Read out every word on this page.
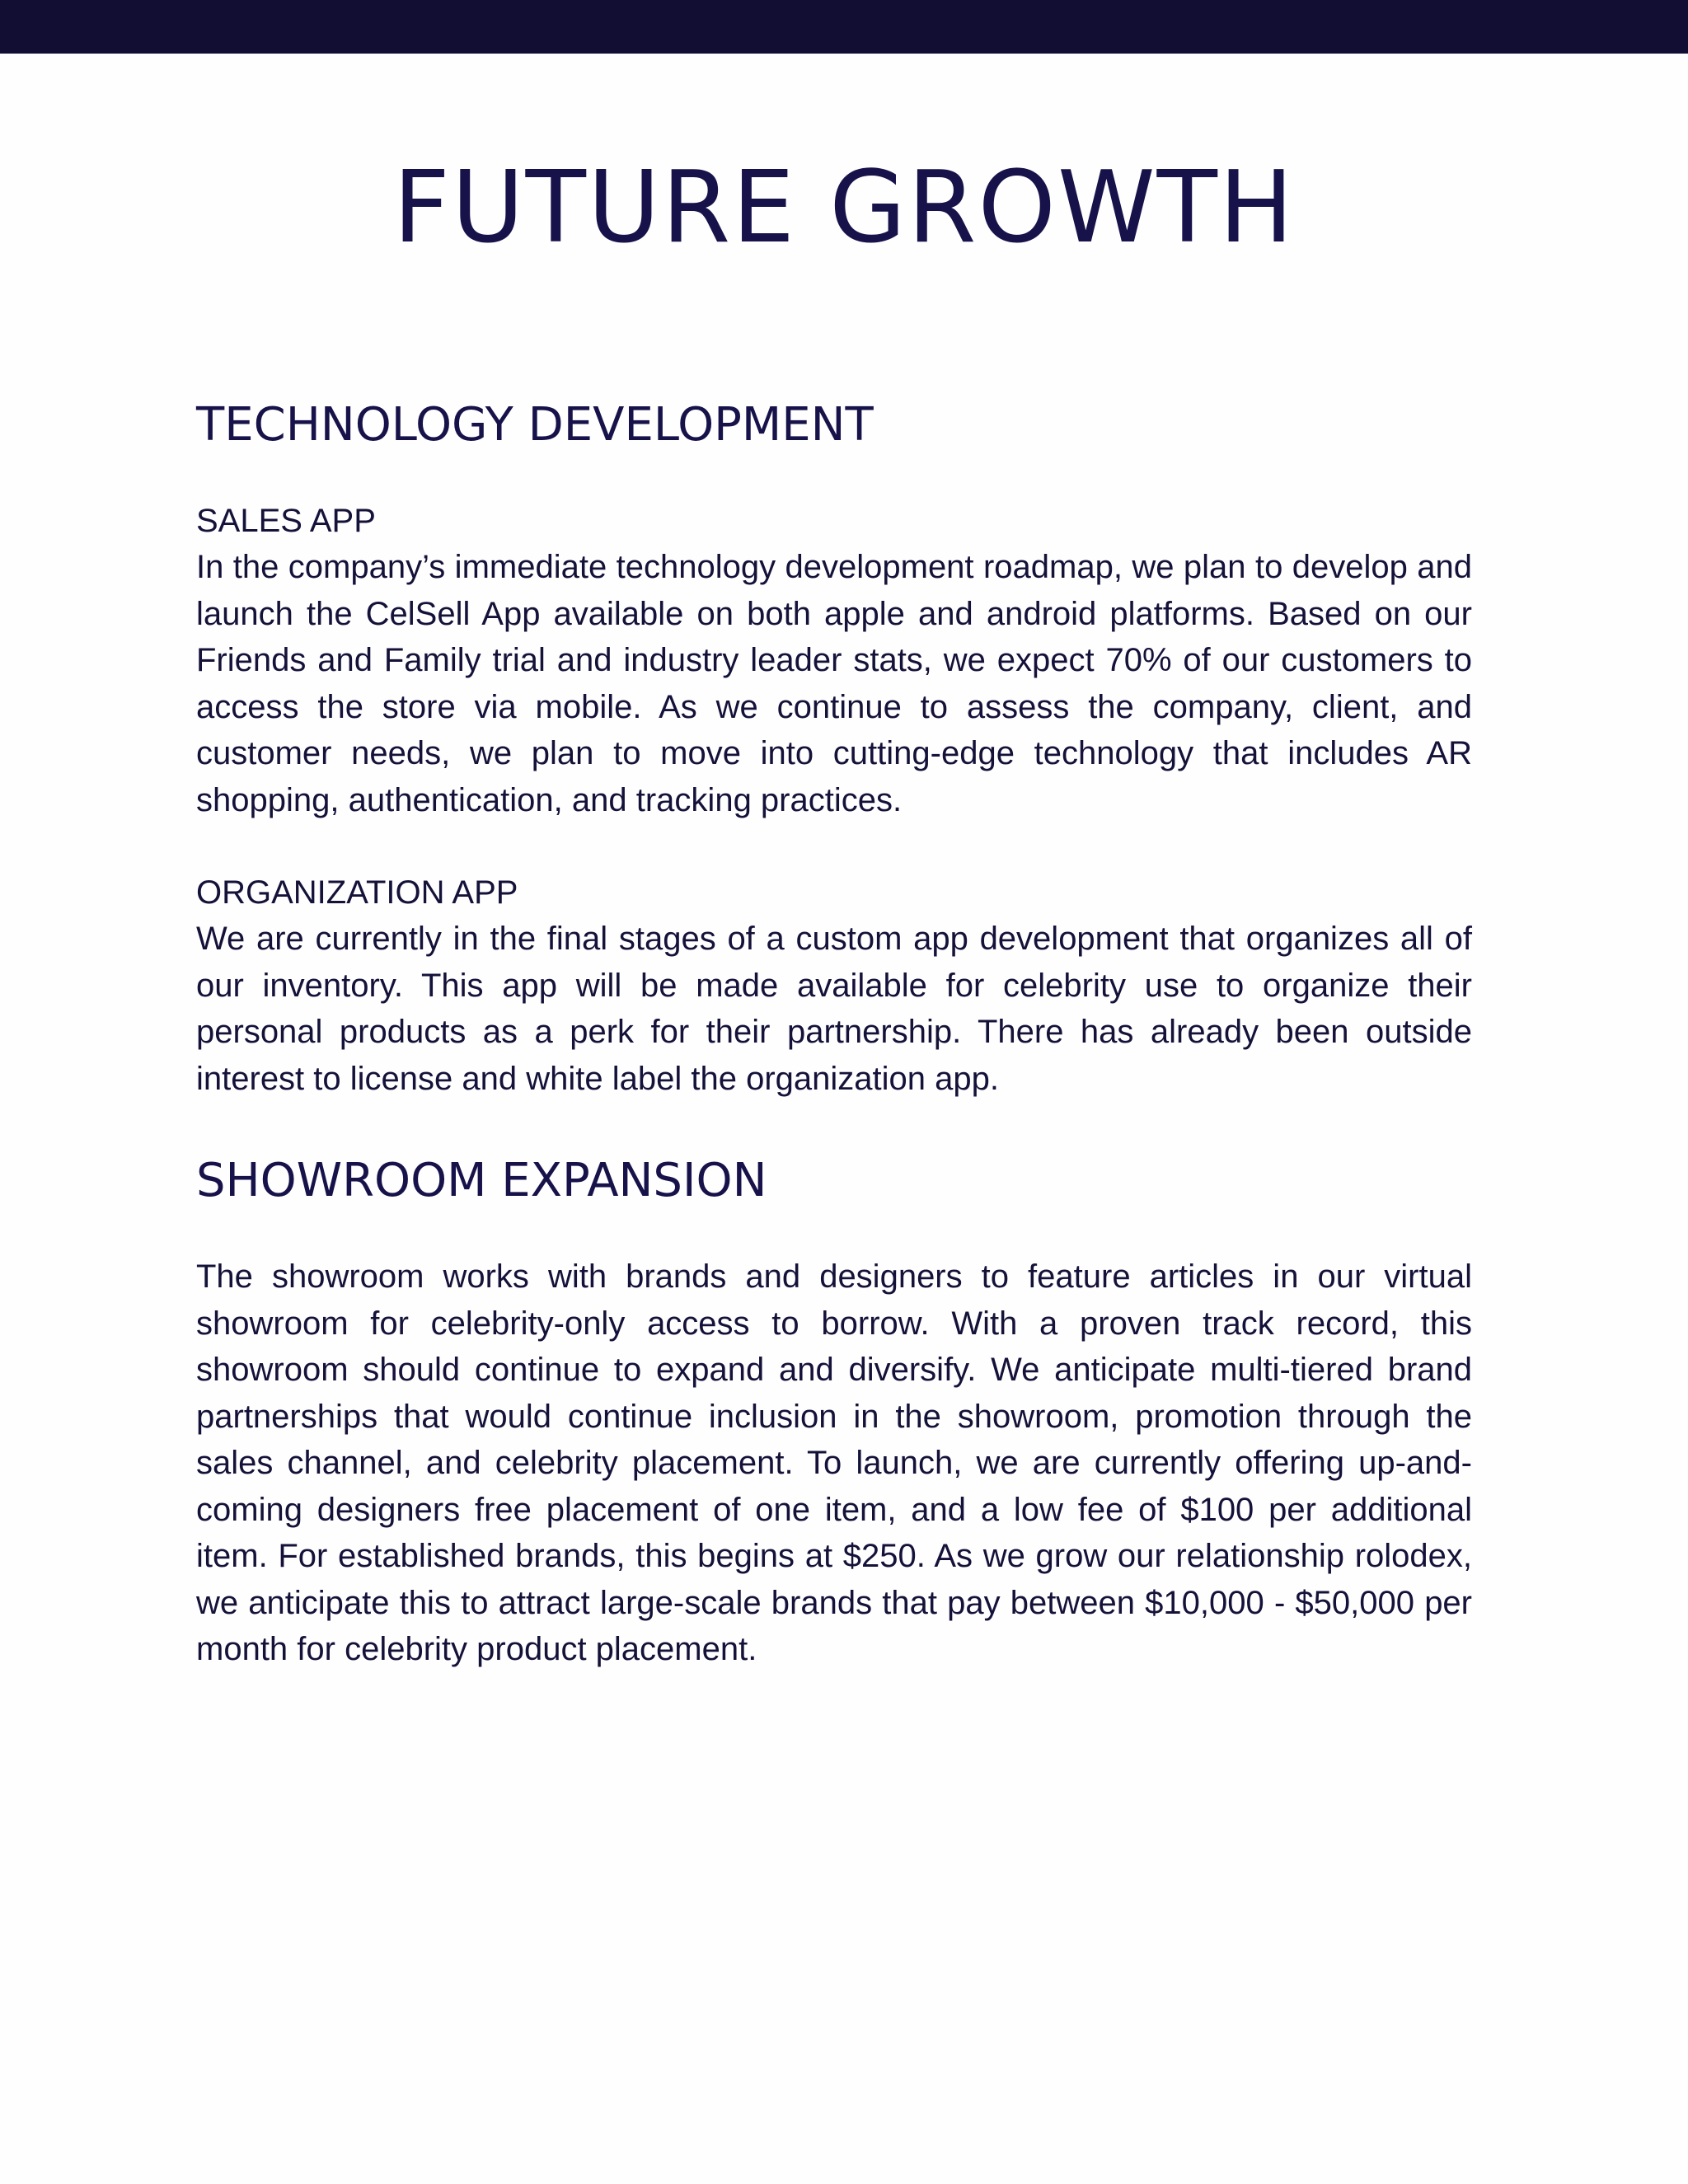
FUTURE GROWTH
TECHNOLOGY DEVELOPMENT

SALES APP

In the company’s immediate technology development roadmap, we plan to develop and launch the CelSell App available on both apple and android platforms. Based on our Friends and Family trial and industry leader stats, we expect 70% of our customers to access the store via mobile. As we continue to assess the company, client, and customer needs, we plan to move into cutting-edge technology that includes AR shopping, authentication, and tracking practices.

ORGANIZATION APP

We are currently in the final stages of a custom app development that organizes all of our inventory. This app will be made available for celebrity use to organize their personal products as a perk for their partnership. There has already been outside interest to license and white label the organization app.

SHOWROOM EXPANSION

The showroom works with brands and designers to feature articles in our virtual showroom for celebrity-only access to borrow. With a proven track record, this showroom should continue to expand and diversify. We anticipate multi-tiered brand partnerships that would continue inclusion in the showroom, promotion through the sales channel, and celebrity placement. To launch, we are currently offering up-and-coming designers free placement of one item, and a low fee of $100 per additional item. For established brands, this begins at $250. As we grow our relationship rolodex, we anticipate this to attract large-scale brands that pay between $10,000 - $50,000 per month for celebrity product placement.
